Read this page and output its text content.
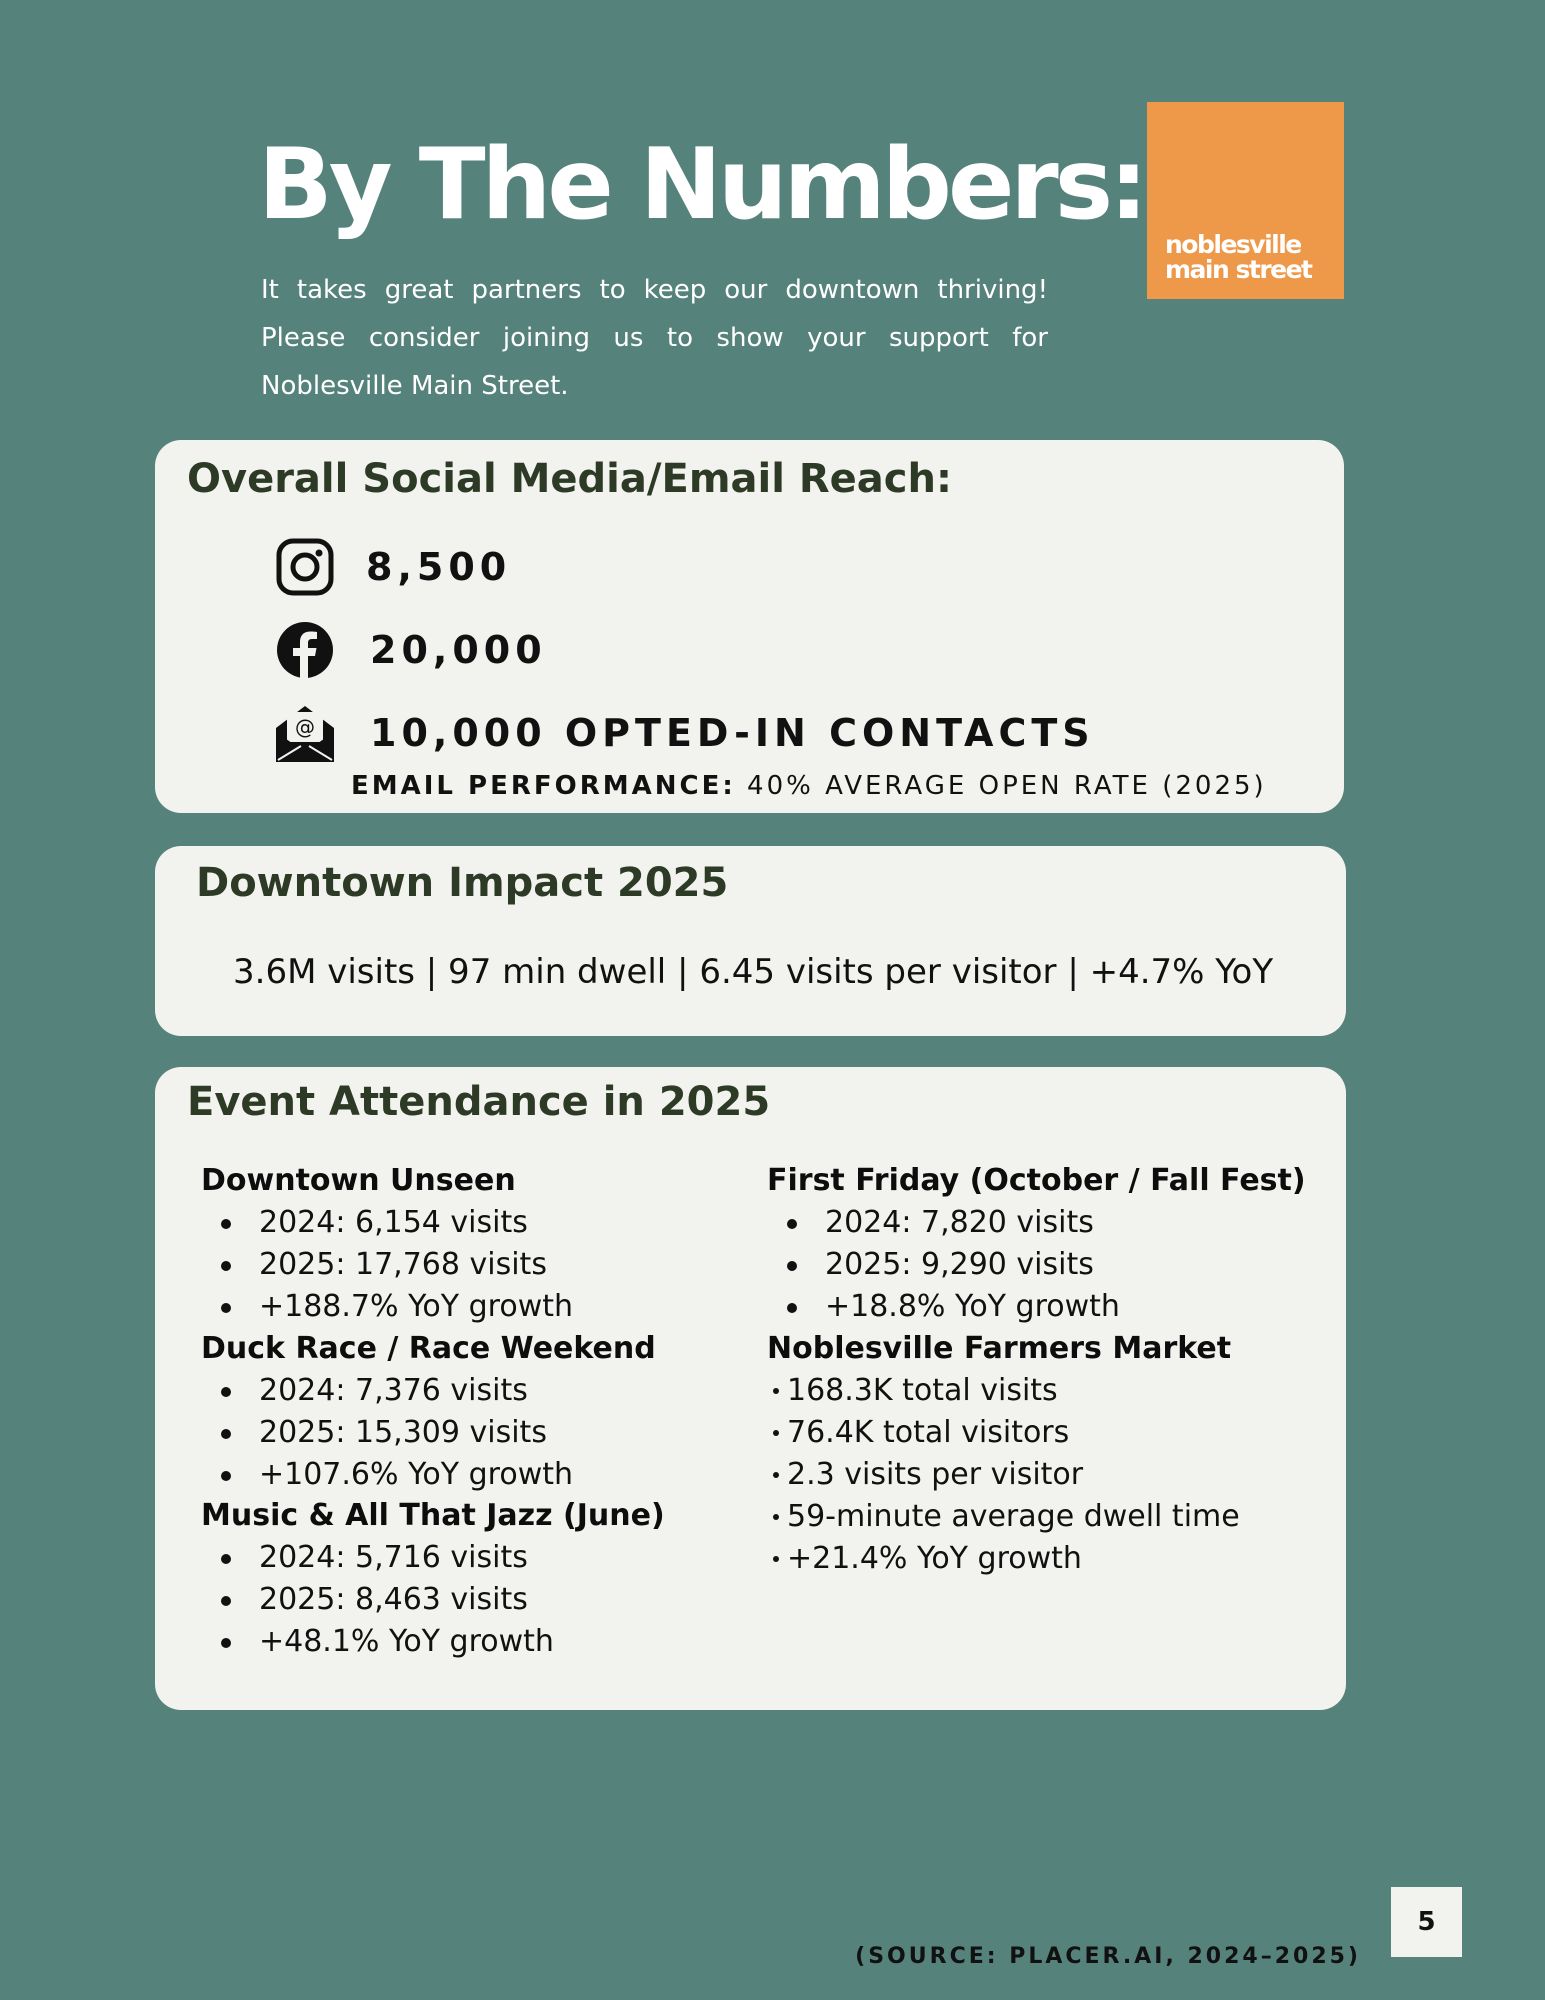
By The Numbers:

It takes great partners to keep our downtown thriving! Please consider joining us to show your support for Noblesville Main Street.

noblesville
main street
Overall Social Media/Email Reach:
8,500
20,000
@ 10,000 OPTED-IN CONTACTS
EMAIL PERFORMANCE: 40% AVERAGE OPEN RATE (2025)
Downtown Impact 2025
3.6M visits | 97 min dwell | 6.45 visits per visitor | +4.7% YoY
Event Attendance in 2025
Downtown Unseen
2024: 6,154 visits
2025: 17,768 visits
+188.7% YoY growth
Duck Race / Race Weekend
2024: 7,376 visits
2025: 15,309 visits
+107.6% YoY growth
Music & All That Jazz (June)
2024: 5,716 visits
2025: 8,463 visits
+48.1% YoY growth
First Friday (October / Fall Fest)
2024: 7,820 visits
2025: 9,290 visits
+18.8% YoY growth
Noblesville Farmers Market
168.3K total visits
76.4K total visitors
2.3 visits per visitor
59-minute average dwell time
+21.4% YoY growth
5
(SOURCE: PLACER.AI, 2024–2025)
